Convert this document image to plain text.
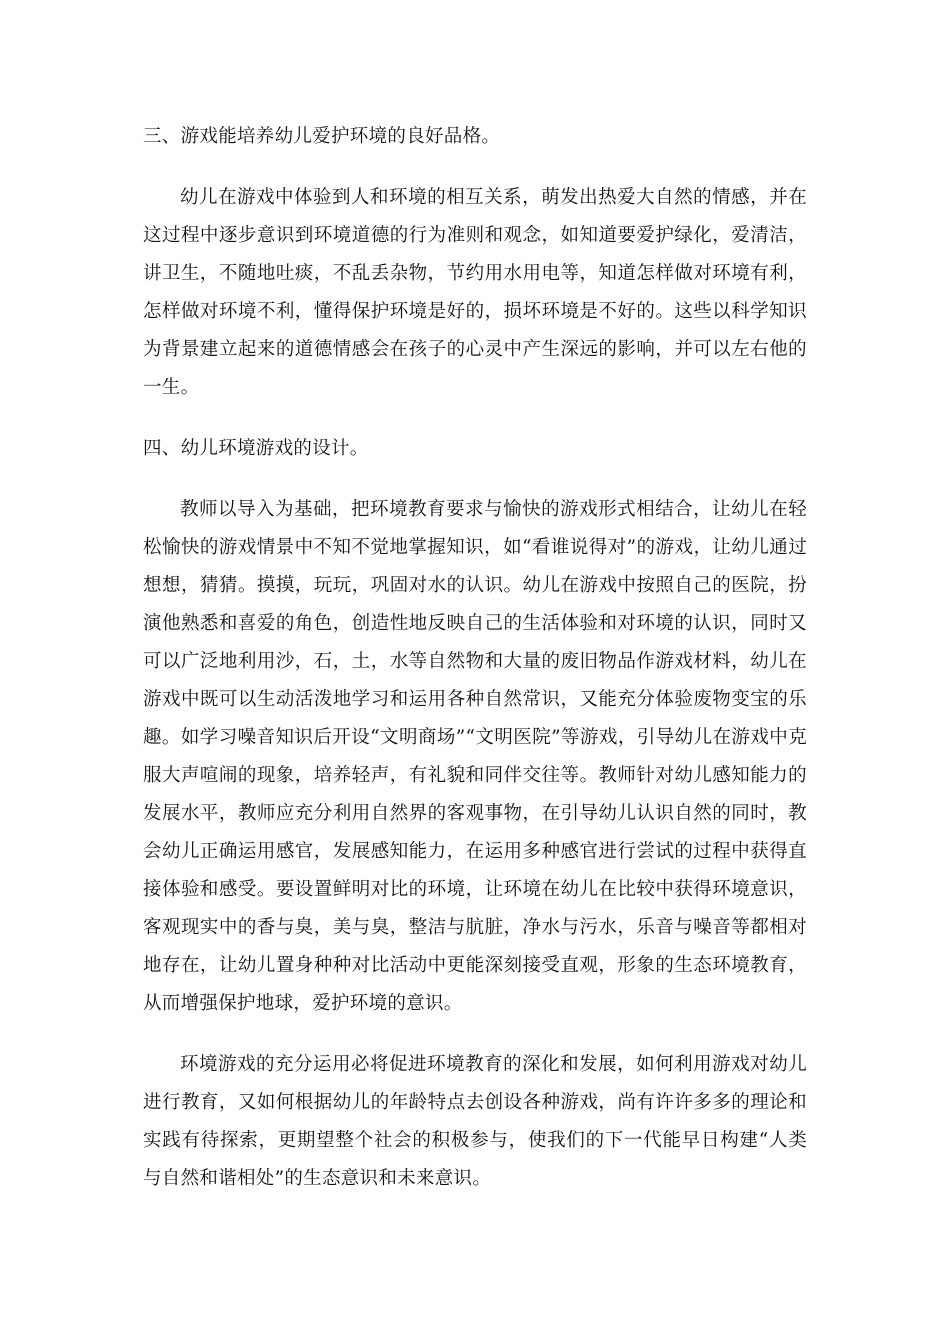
三、游戏能培养幼儿爱护环境的良好品格。
幼儿在游戏中体验到人和环境的相互关系，萌发出热爱大自然的情感，并在这过程中逐步意识到环境道德的行为准则和观念，如知道要爱护绿化，爱清洁，讲卫生，不随地吐痰，不乱丢杂物，节约用水用电等，知道怎样做对环境有利，怎样做对环境不利，懂得保护环境是好的，损坏环境是不好的。这些以科学知识为背景建立起来的道德情感会在孩子的心灵中产生深远的影响，并可以左右他的一生。
四、幼儿环境游戏的设计。
教师以导入为基础，把环境教育要求与愉快的游戏形式相结合，让幼儿在轻松愉快的游戏情景中不知不觉地掌握知识，如“看谁说得对”的游戏，让幼儿通过想想，猜猜。摸摸，玩玩，巩固对水的认识。幼儿在游戏中按照自己的医院，扮演他熟悉和喜爱的角色，创造性地反映自己的生活体验和对环境的认识，同时又可以广泛地利用沙，石，土，水等自然物和大量的废旧物品作游戏材料，幼儿在游戏中既可以生动活泼地学习和运用各种自然常识，又能充分体验废物变宝的乐趣。如学习噪音知识后开设“文明商场”“文明医院”等游戏，引导幼儿在游戏中克服大声喧闹的现象，培养轻声，有礼貌和同伴交往等。教师针对幼儿感知能力的发展水平，教师应充分利用自然界的客观事物，在引导幼儿认识自然的同时，教会幼儿正确运用感官，发展感知能力，在运用多种感官进行尝试的过程中获得直接体验和感受。要设置鲜明对比的环境，让环境在幼儿在比较中获得环境意识，客观现实中的香与臭，美与臭，整洁与肮脏，净水与污水，乐音与噪音等都相对地存在，让幼儿置身种种对比活动中更能深刻接受直观，形象的生态环境教育，从而增强保护地球，爱护环境的意识。
环境游戏的充分运用必将促进环境教育的深化和发展，如何利用游戏对幼儿进行教育，又如何根据幼儿的年龄特点去创设各种游戏，尚有许许多多的理论和实践有待探索，更期望整个社会的积极参与，使我们的下一代能早日构建“人类与自然和谐相处”的生态意识和未来意识。
